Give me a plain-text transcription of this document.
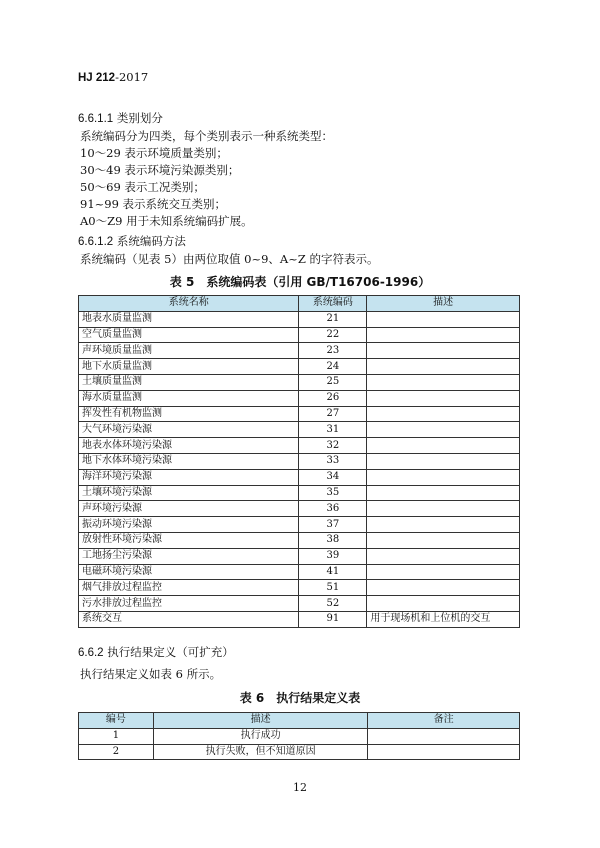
HJ 212-2017
6.6.1.1 类别划分
系统编码分为四类，每个类别表示一种系统类型：
10～29 表示环境质量类别；
30～49 表示环境污染源类别；
50～69 表示工况类别；
91~99 表示系统交互类别；
A0～Z9 用于未知系统编码扩展。
6.6.1.2 系统编码方法
系统编码（见表 5）由两位取值 0~9、A~Z 的字符表示。
表 5　系统编码表（引用 GB/T16706-1996）
系统名称	系统编码	描述
地表水质量监测	21	
空气质量监测	22	
声环境质量监测	23	
地下水质量监测	24	
土壤质量监测	25	
海水质量监测	26	
挥发性有机物监测	27	
大气环境污染源	31	
地表水体环境污染源	32	
地下水体环境污染源	33	
海洋环境污染源	34	
土壤环境污染源	35	
声环境污染源	36	
振动环境污染源	37	
放射性环境污染源	38	
工地扬尘污染源	39	
电磁环境污染源	41	
烟气排放过程监控	51	
污水排放过程监控	52	
系统交互	91	用于现场机和上位机的交互
6.6.2 执行结果定义（可扩充）
执行结果定义如表 6 所示。
表 6　执行结果定义表
编号	描述	备注
1	执行成功	
2	执行失败，但不知道原因	
12
